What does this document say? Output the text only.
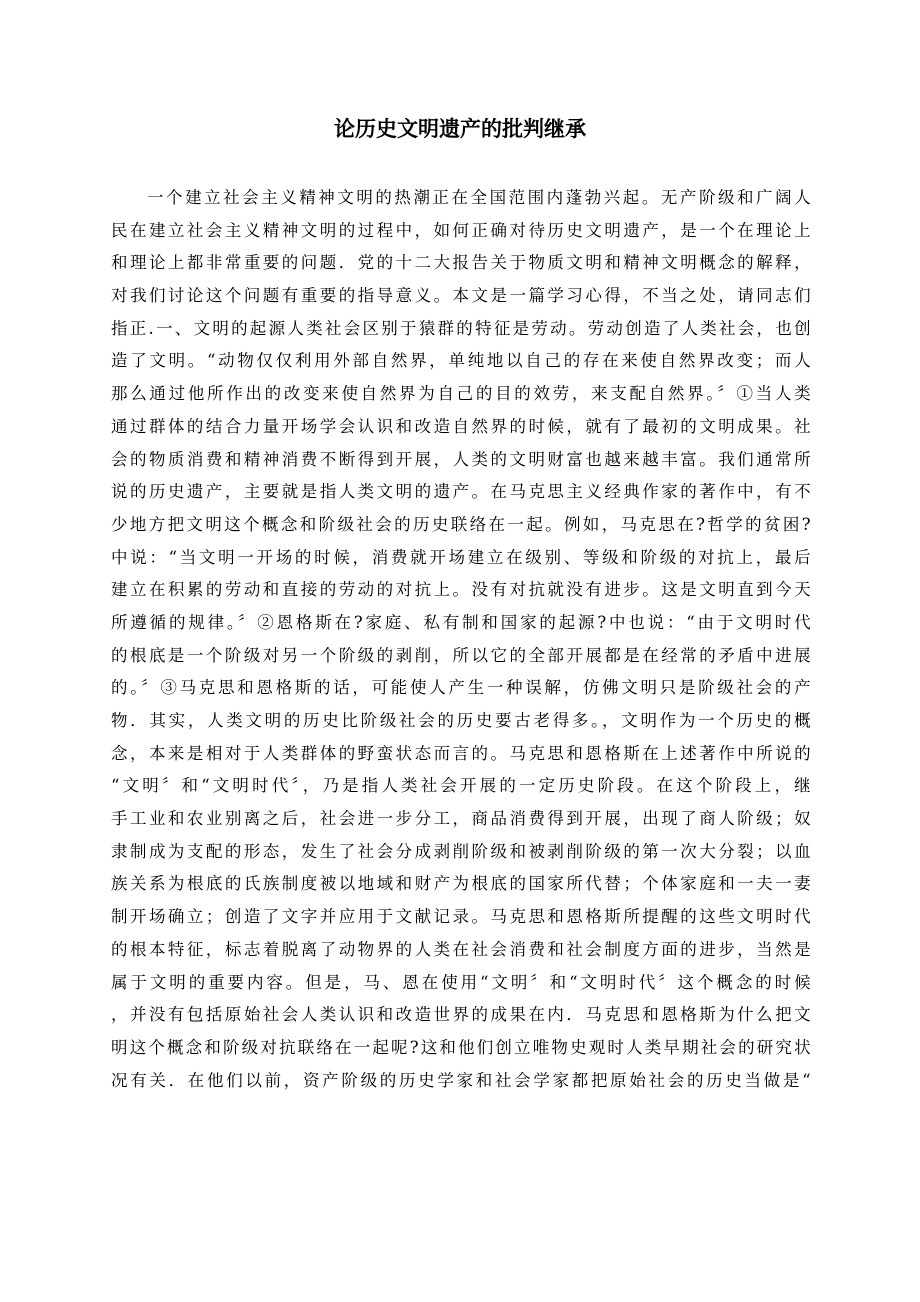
论历史文明遗产的批判继承
一个建立社会主义精神文明的热潮正在全国范围内蓬勃兴起。无产阶级和广阔人
民在建立社会主义精神文明的过程中，如何正确对待历史文明遗产，是一个在理论上
和理论上都非常重要的问题．党的十二大报告关于物质文明和精神文明概念的解释，
对我们讨论这个问题有重要的指导意义。本文是一篇学习心得，不当之处，请同志们
指正.一、文明的起源人类社会区别于猿群的特征是劳动。劳动创造了人类社会，也创
造了文明。“动物仅仅利用外部自然界，单纯地以自己的存在来使自然界改变；而人
那么通过他所作出的改变来使自然界为自己的目的效劳，来支配自然界。〞①当人类
通过群体的结合力量开场学会认识和改造自然界的时候，就有了最初的文明成果。社
会的物质消费和精神消费不断得到开展，人类的文明财富也越来越丰富。我们通常所
说的历史遗产，主要就是指人类文明的遗产。在马克思主义经典作家的著作中，有不
少地方把文明这个概念和阶级社会的历史联络在一起。例如，马克思在?哲学的贫困?
中说：“当文明一开场的时候，消费就开场建立在级别、等级和阶级的对抗上，最后
建立在积累的劳动和直接的劳动的对抗上。没有对抗就没有进步。这是文明直到今天
所遵循的规律。〞②恩格斯在?家庭、私有制和国家的起源?中也说：“由于文明时代
的根底是一个阶级对另一个阶级的剥削，所以它的全部开展都是在经常的矛盾中进展
的。〞③马克思和恩格斯的话，可能使人产生一种误解，仿佛文明只是阶级社会的产
物．其实，人类文明的历史比阶级社会的历史要古老得多。，文明作为一个历史的概
念，本来是相对于人类群体的野蛮状态而言的。马克思和恩格斯在上述著作中所说的
“文明〞和“文明时代〞，乃是指人类社会开展的一定历史阶段。在这个阶段上，继
手工业和农业别离之后，社会进一步分工，商品消费得到开展，出现了商人阶级；奴
隶制成为支配的形态，发生了社会分成剥削阶级和被剥削阶级的第一次大分裂；以血
族关系为根底的氏族制度被以地域和财产为根底的国家所代替；个体家庭和一夫一妻
制开场确立；创造了文字并应用于文献记录。马克思和恩格斯所提醒的这些文明时代
的根本特征，标志着脱离了动物界的人类在社会消费和社会制度方面的进步，当然是
属于文明的重要内容。但是，马、恩在使用“文明〞和“文明时代〞这个概念的时候
，并没有包括原始社会人类认识和改造世界的成果在内．马克思和恩格斯为什么把文
明这个概念和阶级对抗联络在一起呢?这和他们创立唯物史观时人类早期社会的研究状
况有关．在他们以前，资产阶级的历史学家和社会学家都把原始社会的历史当做是“
